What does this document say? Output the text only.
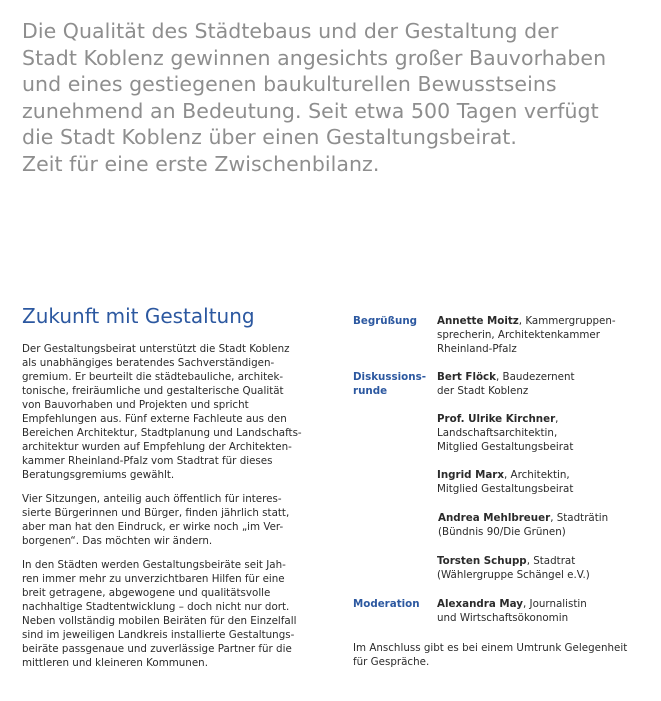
Die Qualität des Städtebaus und der Gestaltung der
Stadt Koblenz gewinnen angesichts großer Bauvorhaben
und eines gestiegenen baukulturellen Bewusstseins
zunehmend an Bedeutung. Seit etwa 500 Tagen verfügt
die Stadt Koblenz über einen Gestaltungsbeirat.
Zeit für eine erste Zwischenbilanz.
Zukunft mit Gestaltung

Der Gestaltungsbeirat unterstützt die Stadt Koblenz
als unabhängiges beratendes Sachverständigen-
gremium. Er beurteilt die städtebauliche, architek-
tonische, freiräumliche und gestalterische Qualität
von Bauvorhaben und Projekten und spricht
Empfehlungen aus. Fünf externe Fachleute aus den
Bereichen Architektur, Stadtplanung und Landschafts-
architektur wurden auf Empfehlung der Architekten-
kammer Rheinland-Pfalz vom Stadtrat für dieses
Beratungsgremiums gewählt.

Vier Sitzungen, anteilig auch öffentlich für interes-
sierte Bürgerinnen und Bürger, finden jährlich statt,
aber man hat den Eindruck, er wirke noch „im Ver-
borgenen“. Das möchten wir ändern.

In den Städten werden Gestaltungsbeiräte seit Jah-
ren immer mehr zu unverzichtbaren Hilfen für eine
breit getragene, abgewogene und qualitätsvolle
nachhaltige Stadtentwicklung – doch nicht nur dort.
Neben vollständig mobilen Beiräten für den Einzelfall
sind im jeweiligen Landkreis installierte Gestaltungs-
beiräte passgenaue und zuverlässige Partner für die
mittleren und kleineren Kommunen.

Begrüßung Annette Moitz, Kammergruppen-
sprecherin, Architektenkammer
Rheinland-Pfalz
Diskussions-
runde
Bert Flöck, Baudezernent
der Stadt Koblenz
Prof. Ulrike Kirchner,
Landschaftsarchitektin,
Mitglied Gestaltungsbeirat
Ingrid Marx, Architektin,
Mitglied Gestaltungsbeirat
Andrea Mehlbreuer, Stadträtin
(Bündnis 90/Die Grünen)
Torsten Schupp, Stadtrat
(Wählergruppe Schängel e.V.)
Moderation Alexandra May, Journalistin
und Wirtschaftsökonomin
Im Anschluss gibt es bei einem Umtrunk Gelegenheit
für Gespräche.
